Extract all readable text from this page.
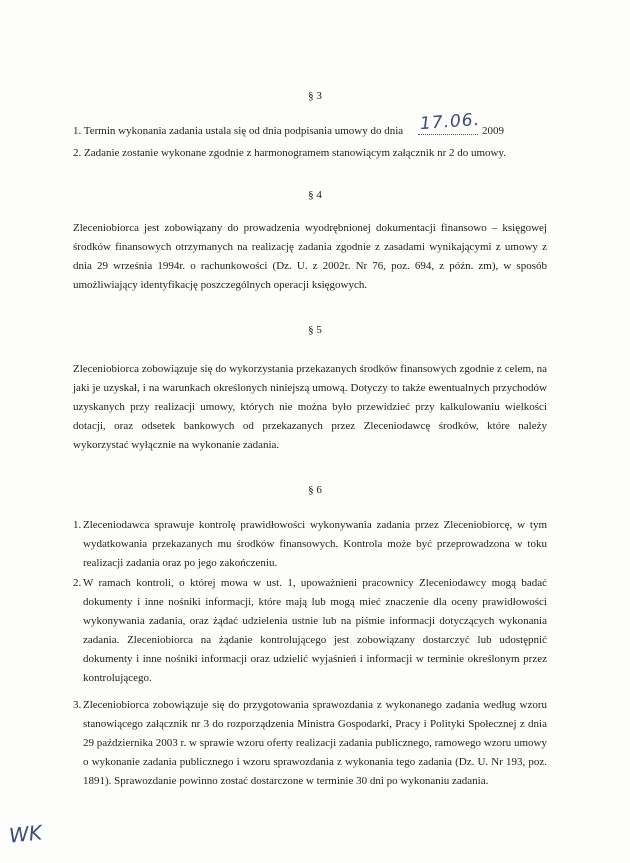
§ 3
1. Termin wykonania zadania ustala się od dnia podpisania umowy do dnia 17.06. 2009
2. Zadanie zostanie wykonane zgodnie z harmonogramem stanowiącym załącznik nr 2 do umowy.
§ 4
Zleceniobiorca jest zobowiązany do prowadzenia wyodrębnionej dokumentacji finansowo – księgowej środków finansowych otrzymanych na realizację zadania zgodnie z zasadami wynikającymi z umowy z dnia 29 września 1994r. o rachunkowości (Dz. U. z 2002r. Nr 76, poz. 694, z późn. zm), w sposób umożliwiający identyfikację poszczególnych operacji księgowych.
§ 5
Zleceniobiorca zobowiązuje się do wykorzystania przekazanych środków finansowych zgodnie z celem, na jaki je uzyskał, i na warunkach określonych niniejszą umową. Dotyczy to także ewentualnych przychodów uzyskanych przy realizacji umowy, których nie można było przewidzieć przy kalkulowaniu wielkości dotacji, oraz odsetek bankowych od przekazanych przez Zleceniodawcę środków, które należy wykorzystać wyłącznie na wykonanie zadania.
§ 6
1. Zleceniodawca sprawuje kontrolę prawidłowości wykonywania zadania przez Zleceniobiorcę, w tym wydatkowania przekazanych mu środków finansowych. Kontrola może być przeprowadzona w toku realizacji zadania oraz po jego zakończeniu.
2. W ramach kontroli, o której mowa w ust. 1, upoważnieni pracownicy Zleceniodawcy mogą badać dokumenty i inne nośniki informacji, które mają lub mogą mieć znaczenie dla oceny prawidłowości wykonywania zadania, oraz żądać udzielenia ustnie lub na piśmie informacji dotyczących wykonania zadania. Zleceniobiorca na żądanie kontrolującego jest zobowiązany dostarczyć lub udostępnić dokumenty i inne nośniki informacji oraz udzielić wyjaśnień i informacji w terminie określonym przez kontrolującego.
3. Zleceniobiorca zobowiązuje się do przygotowania sprawozdania z wykonanego zadania według wzoru stanowiącego załącznik nr 3 do rozporządzenia Ministra Gospodarki, Pracy i Polityki Społecznej z dnia 29 października 2003 r. w sprawie wzoru oferty realizacji zadania publicznego, ramowego wzoru umowy o wykonanie zadania publicznego i wzoru sprawozdania z wykonania tego zadania (Dz. U. Nr 193, poz. 1891). Sprawozdanie powinno zostać dostarczone w terminie 30 dni po wykonaniu zadania.
WK
